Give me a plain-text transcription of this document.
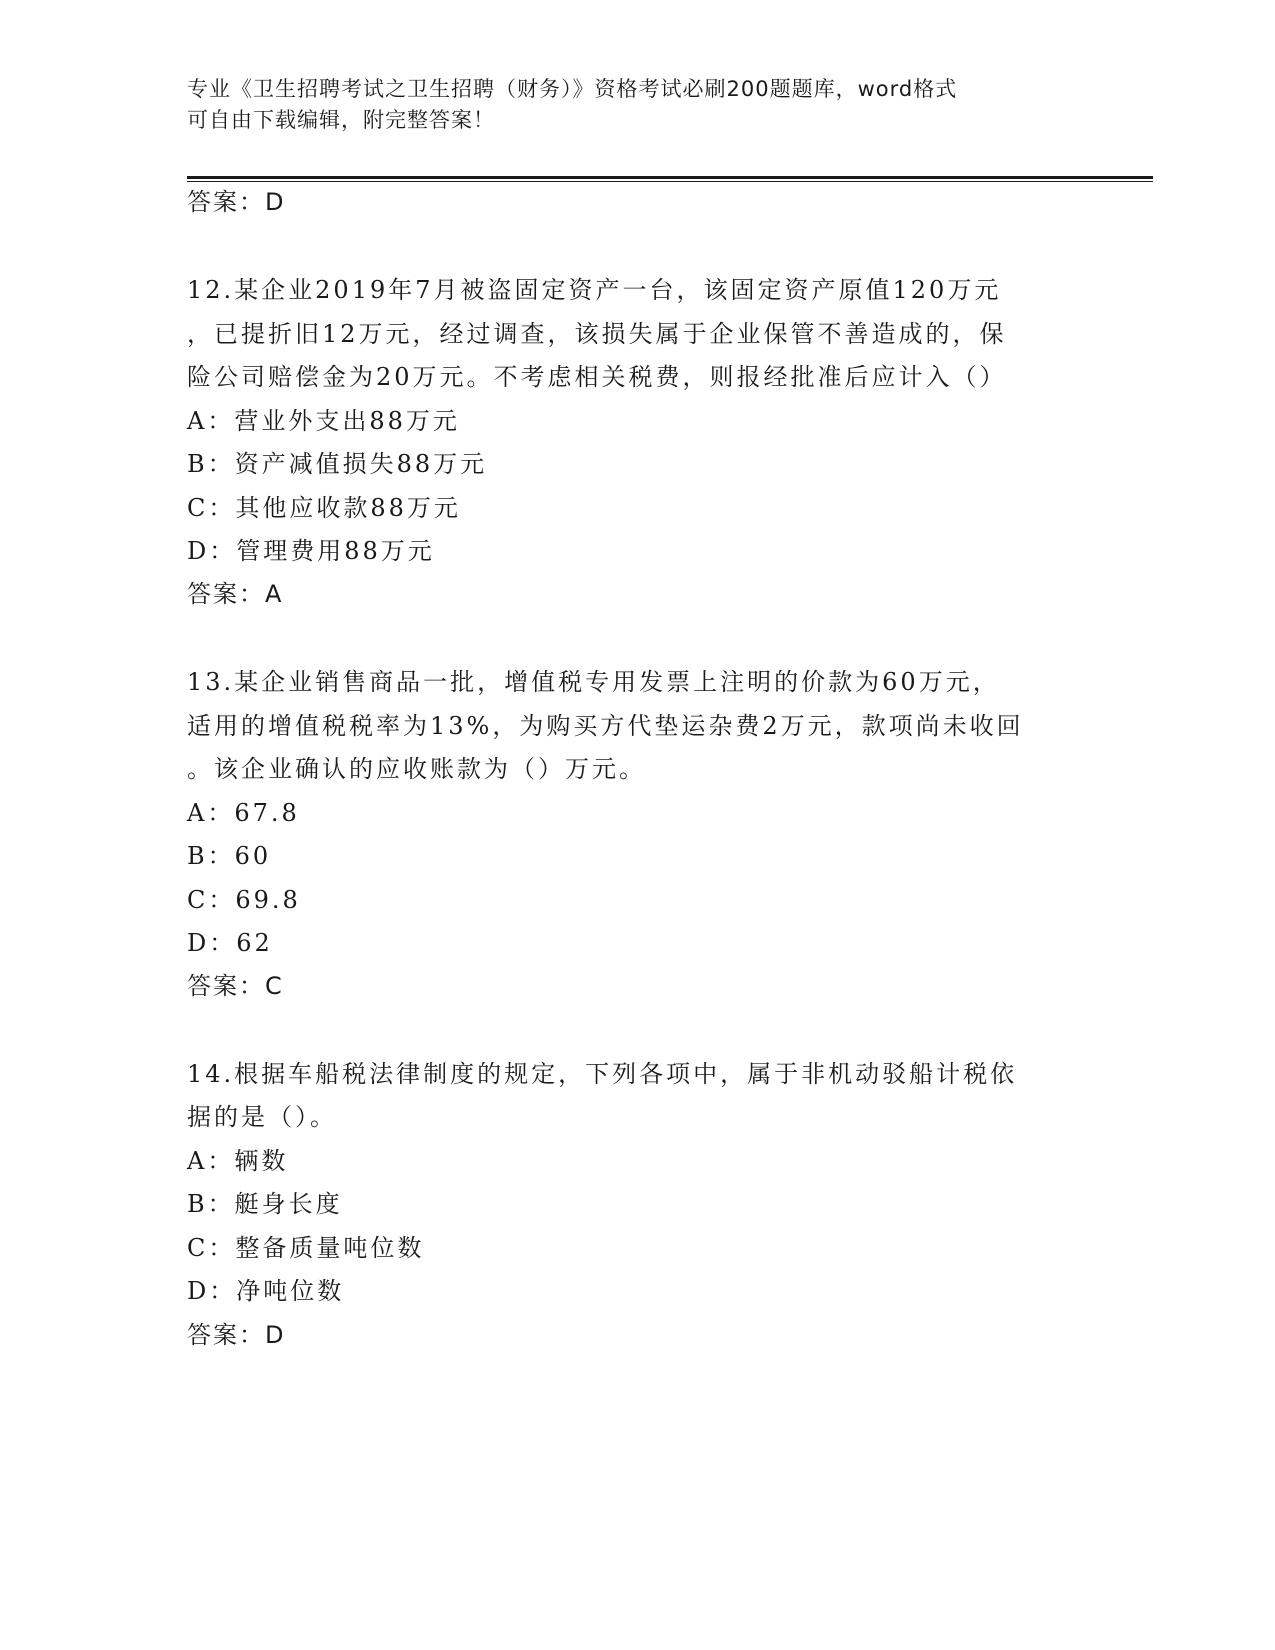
专业《卫生招聘考试之卫生招聘（财务）》资格考试必刷200题题库，word格式
可自由下载编辑，附完整答案！
答案：D
12.某企业2019年7月被盗固定资产一台，该固定资产原值120万元
，已提折旧12万元，经过调查，该损失属于企业保管不善造成的，保
险公司赔偿金为20万元。不考虑相关税费，则报经批准后应计入（）
A：营业外支出88万元
B：资产减值损失88万元
C：其他应收款88万元
D：管理费用88万元
答案：A
13.某企业销售商品一批，增值税专用发票上注明的价款为60万元，
适用的增值税税率为13%，为购买方代垫运杂费2万元，款项尚未收回
。该企业确认的应收账款为（）万元。
A：67.8
B：60
C：69.8
D：62
答案：C
14.根据车船税法律制度的规定，下列各项中，属于非机动驳船计税依
据的是（）。
A：辆数
B：艇身长度
C：整备质量吨位数
D：净吨位数
答案：D
